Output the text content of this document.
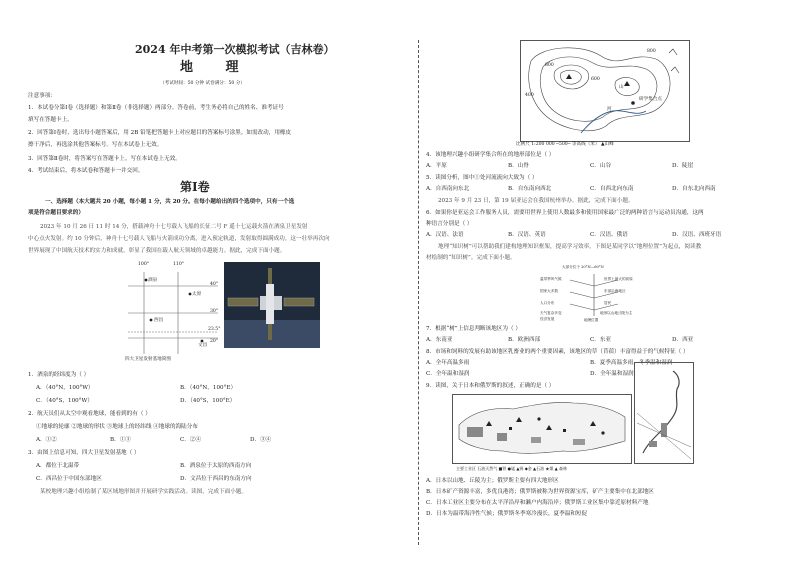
2024 年中考第一次模拟考试（吉林卷）
地 理
（考试时间：50 分钟 试卷满分：50 分）
注意事项：
1．本试卷分第Ⅰ卷（选择题）和第Ⅱ卷（非选择题）两部分。答卷前，考生务必将自己的姓名、准考证号
填写在答题卡上。
2．回答第Ⅰ卷时，选出每小题答案后，用 2B 铅笔把答题卡上对应题目的答案标号涂黑。如需改动，用橡皮
擦干净后，再选涂其他答案标号。写在本试卷上无效。
3．回答第Ⅱ卷时，将答案写在答题卡上。写在本试卷上无效。
4．考试结束后，将本试卷和答题卡一并交回。
第Ⅰ卷
一、选择题（本大题共 20 小题，每小题 1 分，共 20 分。在每小题给出的四个选项中，只有一个选
项是符合题目要求的）
2023 年 10 月 26 日 11 时 14 分，搭载神舟十七号载人飞船的长征二号 F 遥十七运载火箭在酒泉卫星发射
中心点火发射。约 10 分钟后，神舟十七号载人飞船与火箭成功分离，进入预定轨道，发射取得圆满成功。这一壮举再次向
世界展现了中国航天技术的实力和成就，彰显了我国在载人航天领域的卓越能力。据此，完成下面小题。
100°	110°
40°
30°
23.5°
20°
酒泉
太原
西昌
文昌
四大卫星发射基地简图
1．酒泉的经纬度为（ ）
A．（40°N，100°W）	B．（40°N，100°E）
C．（40°S，100°W）	D．（40°S，100°E）
2．航天员们从太空中观看地球，能看到的有（ ）
①地球的轮廓 ②地球的形状 ③地球上的经纬线 ④地球的海陆分布
A．①②	B．①③	C．②④	D．③④
3．由图上信息可知，四大卫星发射基地（ ）
A．都位于北温带	B．酒泉位于太原的西南方向
C．西昌位于中国东部地区	D．文昌位于西昌的东南方向
某校地理兴趣小组绘制了某区域地形图并开展研学实践活动。读图，完成下面小题。
800
400
800
600
山
河
研学集合点
比例尺 1:200 000 ─500─ 等高线（米） ▲山峰
4．该地理兴趣小组研学集合所在的地形部位是（ ）
A．平原	B．山脊	C．山谷	D．陡崖
5．读图分析，图中①处河流流向大致为（ ）
A．自西南向东北	B．自东南向西北	C．自西北向东南	D．自东北向西南
2023 年 9 月 23 日，第 19 届亚运会在我国杭州举办。据此，完成下面小题。
6．如果你是亚运会工作服务人员，需要用世界上使用人数最多和使用国家最广泛的两种语言与运动员沟通，这两
种语言分别是（ ）
A．汉语、法语	B．汉语、英语	C．汉语、俄语	D．汉语、西班牙语
地理“知识树”可以帮助我们建构地理知识框架，提高学习效率。下图是某同学以“地理位置”为起点，阅读教
材绘制的“知识树”。完成下面小题。
大部分位于 20°N—60°N
温带季风气候	世界上最大的高原
国家大多数	东部沿海地区
人口分布	居民
天气复杂多变	地形以山地丘陵为主
经济发展	地理位置
7．根据“树”上信息判断该地区为（ ）
A．东南亚	B．欧洲西部	C．东亚	D．西亚
8．市场和饲料的发展有助该地区乳畜业的两个重要因素，该地区的草（苜蓿）丰富得益于的气候特征（ ）
A．全年高温多雨	B．夏季高温多雨，冬季温和湿润
C．全年温和湿润	D．全年温和湿润
9．读图，关于日本和俄罗斯的叙述，正确的是（ ）
主要工业区 石油天然气 ■铁 ●锰 ▲锡 ◆金 ▲石油 ★煤 ▲ 森林
A．日本以山地、丘陵为主；俄罗斯主要有四大地形区
B．日本矿产资源丰富，多优良港湾；俄罗斯被称为世界资源宝库，矿产主要集中在北部地区
C．日本工业区主要分布在太平洋沿岸和濑户内海沿岸；俄罗斯工业区集中靠近原材料产地
D．日本为温带海洋性气候；俄罗斯冬季寒冷漫长，夏季温和短促
